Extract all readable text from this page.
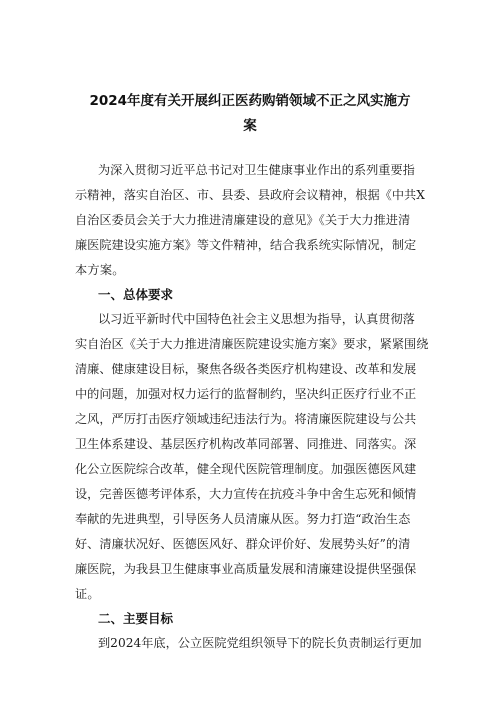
2024年度有关开展纠正医药购销领域不正之风实施方
案
为深入贯彻习近平总书记对卫生健康事业作出的系列重要指
示精神，落实自治区、市、县委、县政府会议精神，根据《中共X
自治区委员会关于大力推进清廉建设的意见》《关于大力推进清
廉医院建设实施方案》等文件精神，结合我系统实际情况，制定
本方案。
一、总体要求
以习近平新时代中国特色社会主义思想为指导，认真贯彻落
实自治区《关于大力推进清廉医院建设实施方案》要求，紧紧围绕
清廉、健康建设目标，聚焦各级各类医疗机构建设、改革和发展
中的问题，加强对权力运行的监督制约，坚决纠正医疗行业不正
之风，严厉打击医疗领域违纪违法行为。将清廉医院建设与公共
卫生体系建设、基层医疗机构改革同部署、同推进、同落实。深
化公立医院综合改革，健全现代医院管理制度。加强医德医风建
设，完善医德考评体系，大力宣传在抗疫斗争中舍生忘死和倾情
奉献的先进典型，引导医务人员清廉从医。努力打造“政治生态
好、清廉状况好、医德医风好、群众评价好、发展势头好”的清
廉医院，为我县卫生健康事业高质量发展和清廉建设提供坚强保
证。
二、主要目标
到2024年底，公立医院党组织领导下的院长负责制运行更加
